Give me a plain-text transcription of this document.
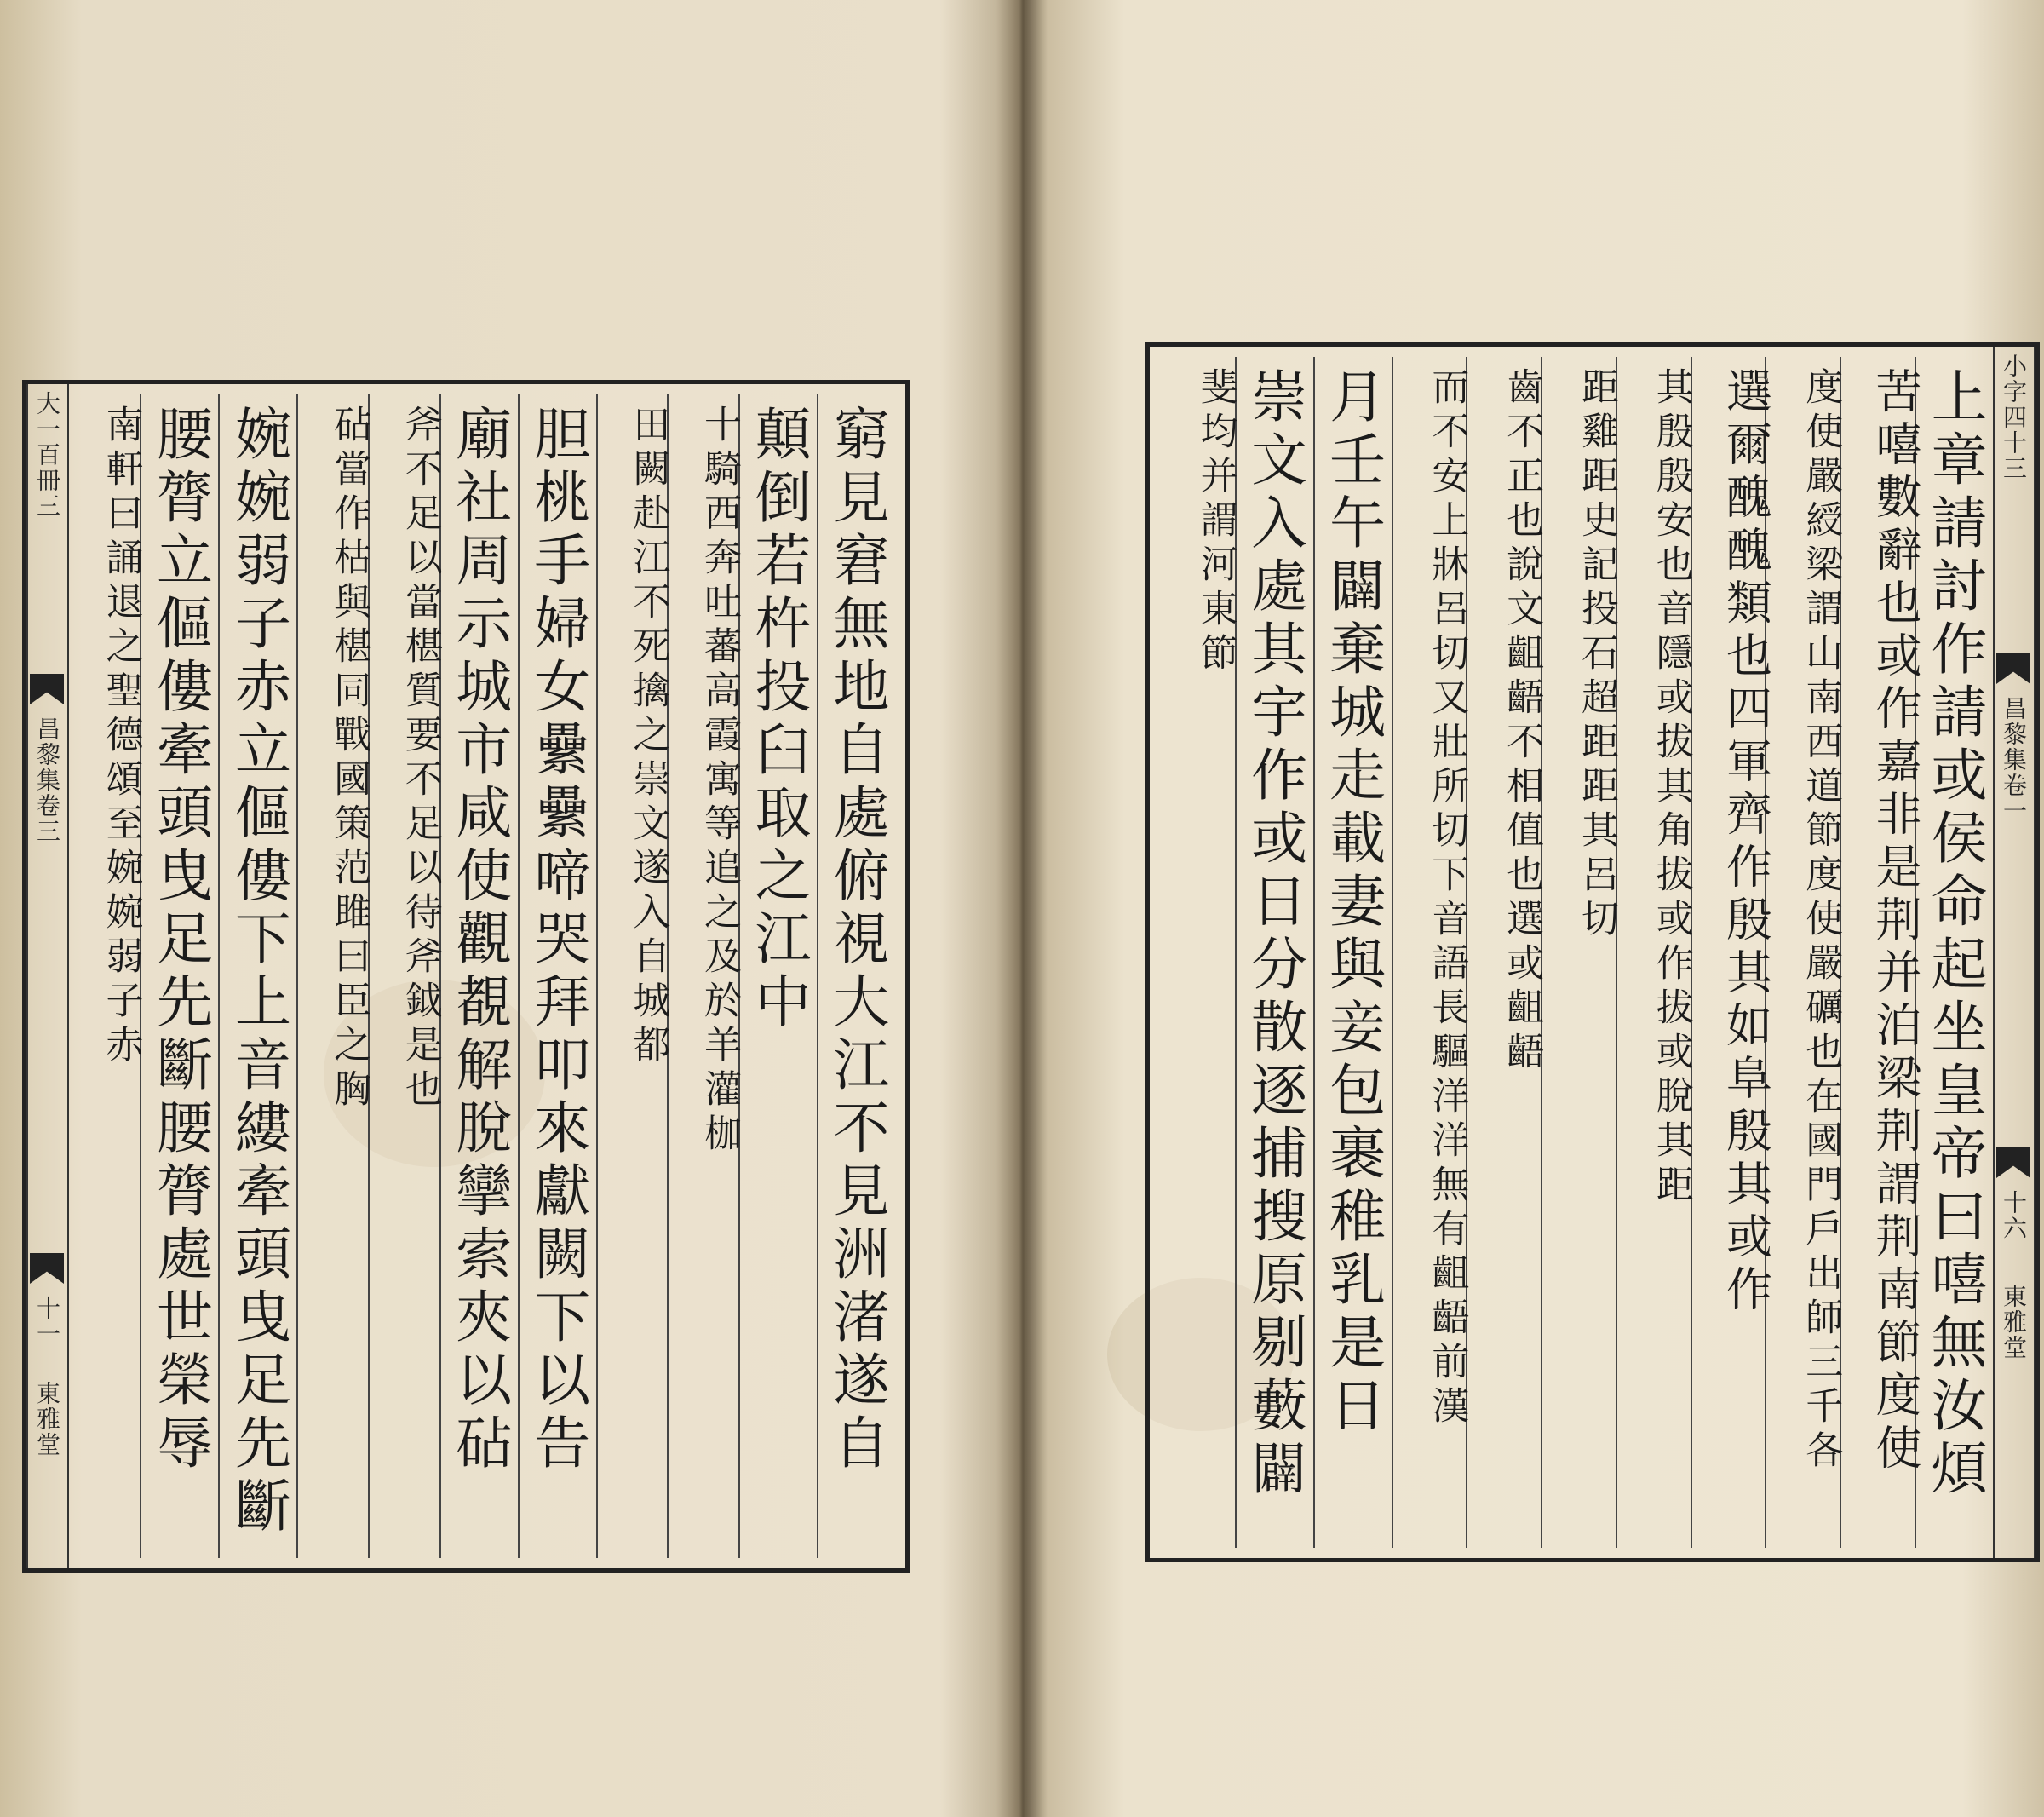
大一百冊三
昌黎集卷三
十一
東雅堂	窮見窘無地自處俯視大江不見洲渚遂自
顛倒若杵投臼取之江中
十騎西奔吐蕃高霞寓等追之及於羊灌枷
田闕赴江不死擒之崇文遂入自城都
胆桃手婦女纍纍啼哭拜叩來獻闕下以告
廟社周示城市咸使觀覩解脫攣索夾以砧
斧不足以當椹質要不足以待斧鉞是也
砧當作枯與椹同戰國策范雎曰臣之胸
婉婉弱子赤立傴僂下上音縷牽頭曳足先斷
腰膂立傴僂牽頭曳足先斷腰膂處世榮辱
南軒曰誦退之聖德頌至婉婉弱子赤	小字四十三
昌黎集卷一
十六
東雅堂
上章請討作請或侯命起坐皇帝曰嘻無汝煩
苦嘻數辭也或作嘉非是荆并泊梁荆謂荆南節度使
度使嚴綬梁謂山南西道節度使嚴礪也在國門戶出師三千各
選爾醜醜類也四軍齊作殷其如阜殷其或作
其殷殷安也音隱或拔其角拔或作拔或脫其距
距雞距史記投石超距距其呂切
齒不正也說文齟齬不相值也選或齟齬
而不安上牀呂切又壯所切下音語長驅洋洋無有齟齬前漢
月壬午闢棄城走載妻與妾包裹稚乳是日
崇文入處其宇作或日分散逐捕搜原剔藪闢
斐均并謂河東節
